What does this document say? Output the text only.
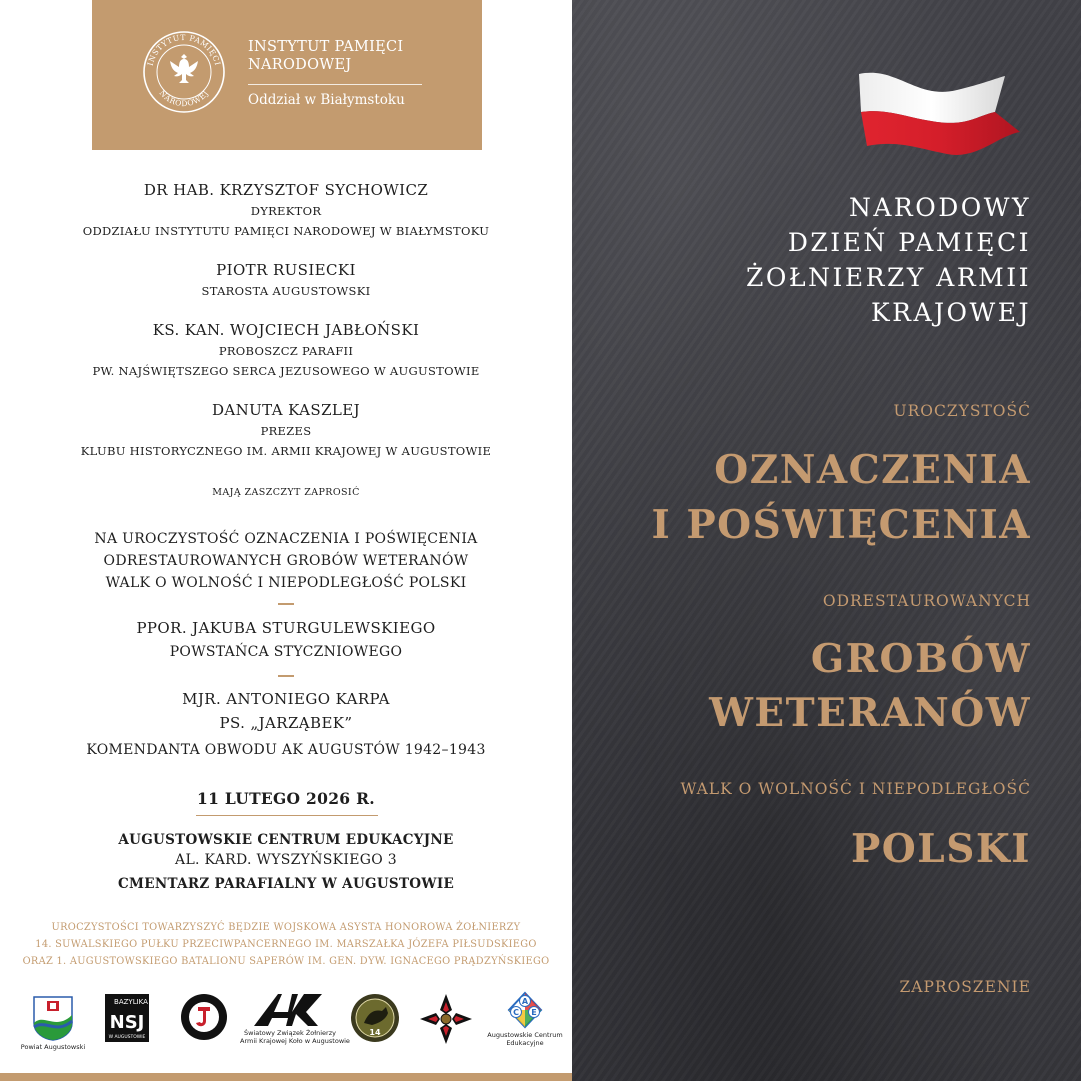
INSTYTUT PAMIĘCI
NARODOWEJ
INSTYTUT PAMIĘCI
NARODOWEJ
Oddział w Białymstoku
DR HAB. KRZYSZTOF SYCHOWICZ
DYREKTOR
ODDZIAŁU INSTYTUTU PAMIĘCI NARODOWEJ W BIAŁYMSTOKU
PIOTR RUSIECKI
STAROSTA AUGUSTOWSKI
KS. KAN. WOJCIECH JABŁOŃSKI
PROBOSZCZ PARAFII
PW. NAJŚWIĘTSZEGO SERCA JEZUSOWEGO W AUGUSTOWIE
DANUTA KASZLEJ
PREZES
KLUBU HISTORYCZNEGO IM. ARMII KRAJOWEJ W AUGUSTOWIE
MAJĄ ZASZCZYT ZAPROSIĆ
NA UROCZYSTOŚĆ OZNACZENIA I POŚWIĘCENIA
ODRESTAUROWANYCH GROBÓW WETERANÓW
WALK O WOLNOŚĆ I NIEPODLEGŁOŚĆ POLSKI
PPOR. JAKUBA STURGULEWSKIEGO
POWSTAŃCA STYCZNIOWEGO
MJR. ANTONIEGO KARPA
PS. „JARZĄBEK”
KOMENDANTA OBWODU AK AUGUSTÓW 1942–1943
11 LUTEGO 2026 R.
AUGUSTOWSKIE CENTRUM EDUKACYJNE
AL. KARD. WYSZYŃSKIEGO 3
CMENTARZ PARAFIALNY W AUGUSTOWIE
UROCZYSTOŚCI TOWARZYSZYĆ BĘDZIE WOJSKOWA ASYSTA HONOROWA ŻOŁNIERZY
14. SUWALSKIEGO PUŁKU PRZECIWPANCERNEGO IM. MARSZAŁKA JÓZEFA PIŁSUDSKIEGO
ORAZ 1. AUGUSTOWSKIEGO BATALIONU SAPERÓW IM. GEN. DYW. IGNACEGO PRĄDZYŃSKIEGO
Powiat Augustowski
BAZYLIKA
NSJ
W AUGUSTOWIE
Światowy Związek Żołnierzy
Armii Krajowej Koło w Augustowie
14
A
C E
Augustowskie Centrum
Edukacyjne
NARODOWY
DZIEŃ PAMIĘCI
ŻOŁNIERZY ARMII
KRAJOWEJ
UROCZYSTOŚĆ
OZNACZENIA
I POŚWIĘCENIA
ODRESTAUROWANYCH
GROBÓW
WETERANÓW
WALK O WOLNOŚĆ I NIEPODLEGŁOŚĆ
POLSKI
ZAPROSZENIE
